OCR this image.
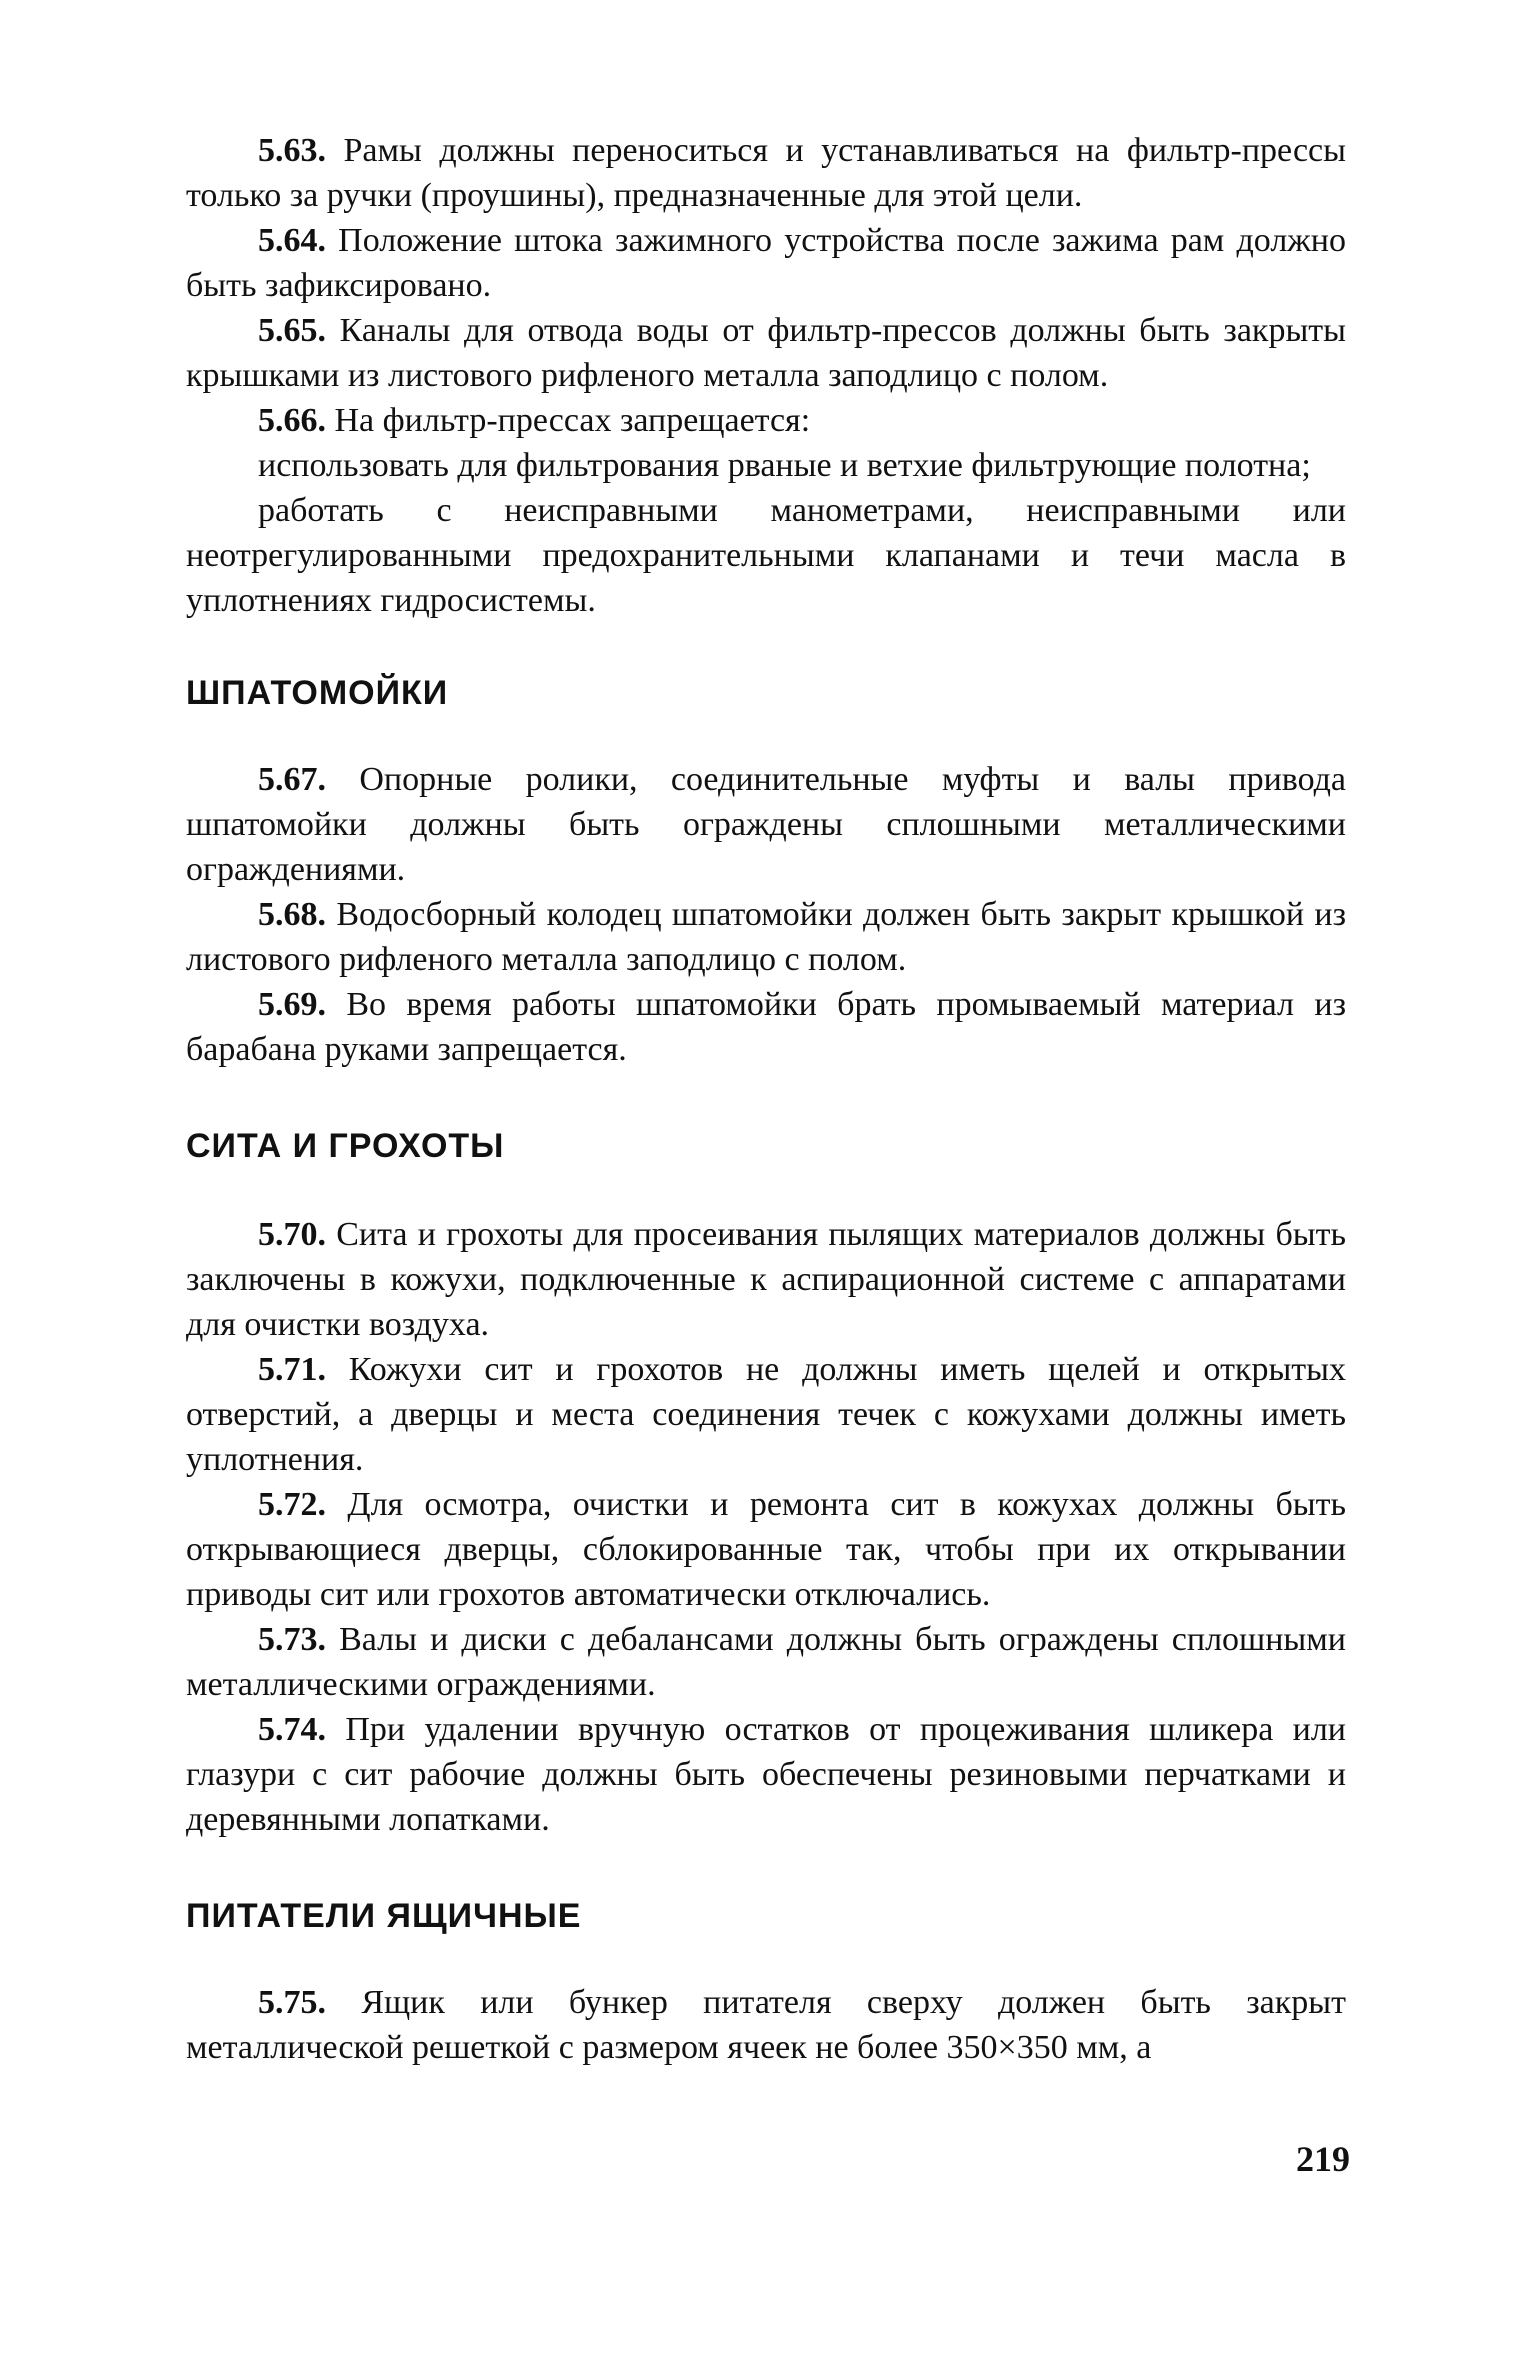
5.63. Рамы должны переноситься и устанавливаться на фильтр-прессы только за ручки (проушины), предназначенные для этой цели.

5.64. Положение штока зажимного устройства после зажима рам должно быть зафиксировано.

5.65. Каналы для отвода воды от фильтр-прессов должны быть закрыты крышками из листового рифленого металла заподлицо с полом.

5.66. На фильтр-прессах запрещается:

использовать для фильтрования рваные и ветхие фильтрующие полотна;

работать с неисправными манометрами, неисправными или неотрегулированными предохранительными клапанами и течи масла в уплотнениях гидросистемы.

ШПАТОМОЙКИ

5.67. Опорные ролики, соединительные муфты и валы привода шпатомойки должны быть ограждены сплошными металлическими ограждениями.

5.68. Водосборный колодец шпатомойки должен быть закрыт крышкой из листового рифленого металла заподлицо с полом.

5.69. Во время работы шпатомойки брать промываемый материал из барабана руками запрещается.

СИТА И ГРОХОТЫ

5.70. Сита и грохоты для просеивания пылящих материалов должны быть заключены в кожухи, подключенные к аспирационной системе с аппаратами для очистки воздуха.

5.71. Кожухи сит и грохотов не должны иметь щелей и открытых отверстий, а дверцы и места соединения течек с кожухами должны иметь уплотнения.

5.72. Для осмотра, очистки и ремонта сит в кожухах должны быть открывающиеся дверцы, сблокированные так, чтобы при их открывании приводы сит или грохотов автоматически отключались.

5.73. Валы и диски с дебалансами должны быть ограждены сплошными металлическими ограждениями.

5.74. При удалении вручную остатков от процеживания шликера или глазури с сит рабочие должны быть обеспечены резиновыми перчатками и деревянными лопатками.

ПИТАТЕЛИ ЯЩИЧНЫЕ

5.75. Ящик или бункер питателя сверху должен быть закрыт металлической решеткой с размером ячеек не более 350×350 мм, а

219
